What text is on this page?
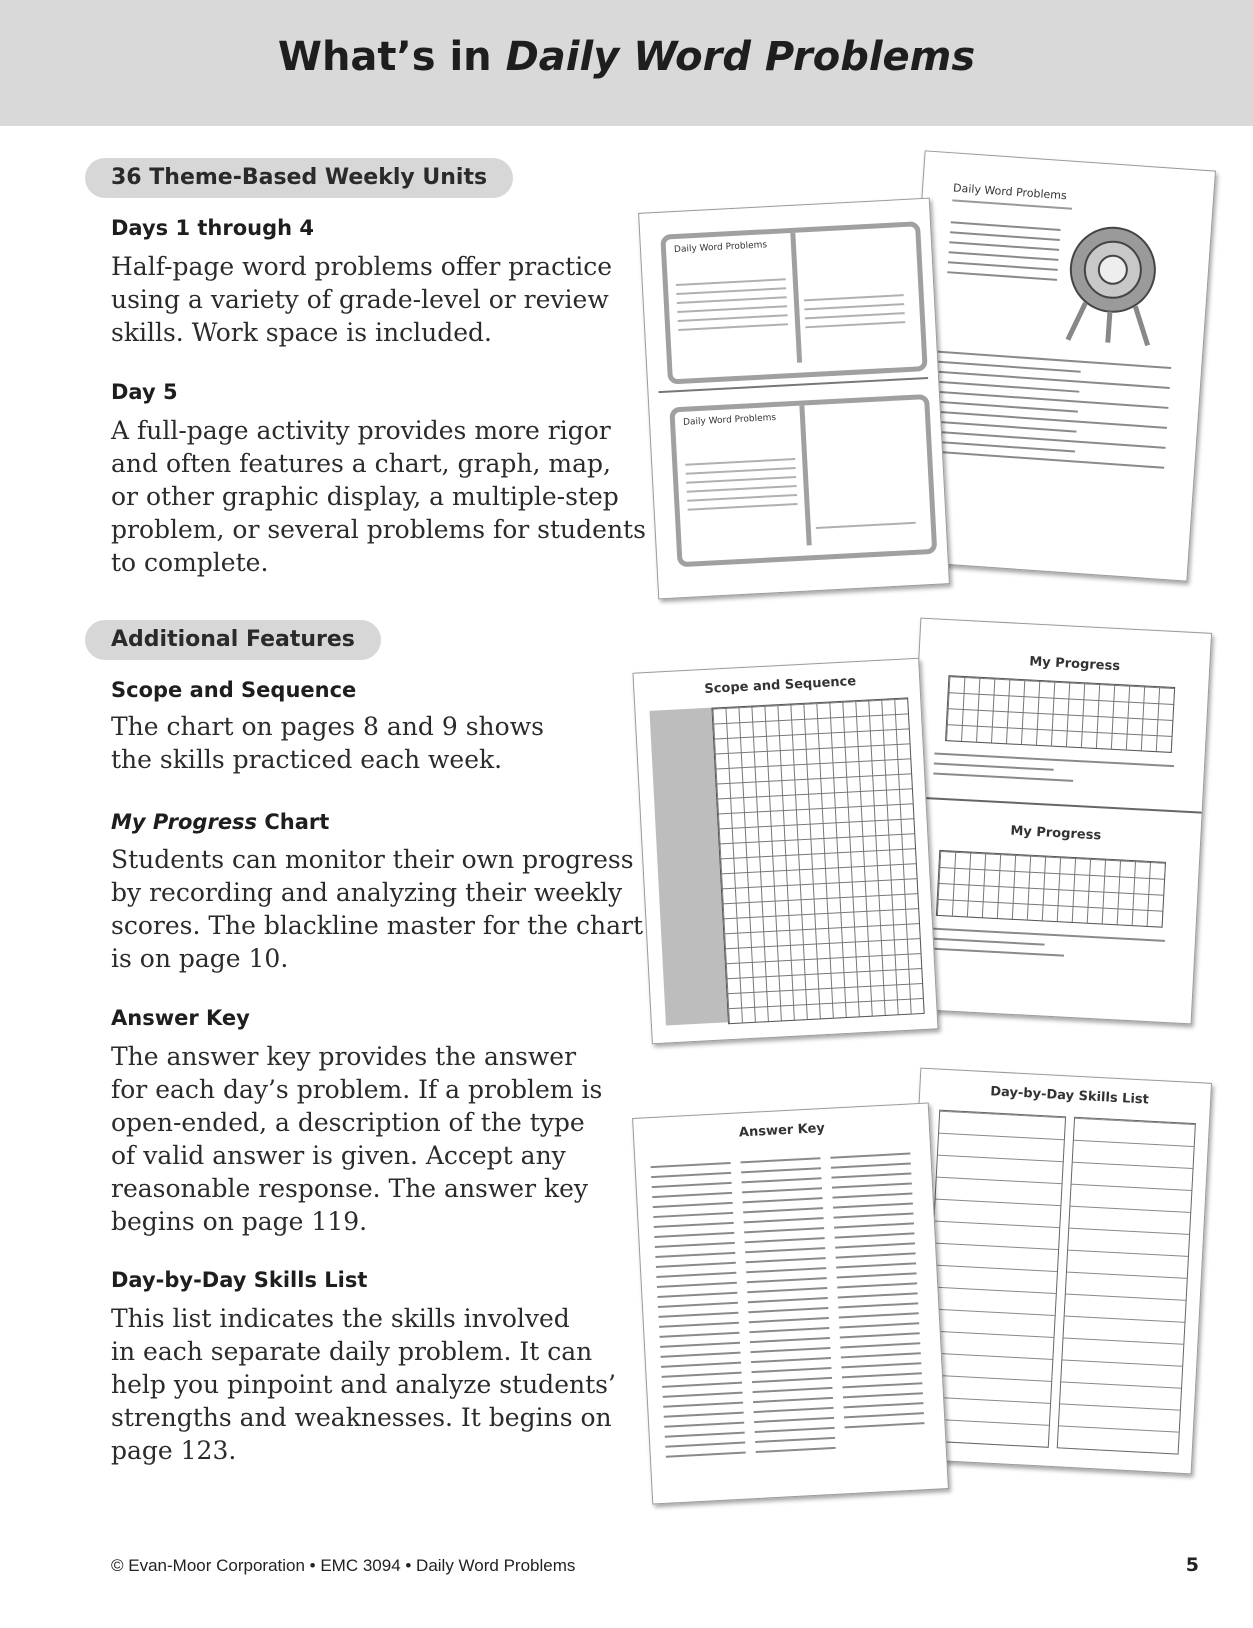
What’s in Daily Word Problems
36 Theme-Based Weekly Units
Days 1 through 4
Half-page word problems offer practice
using a variety of grade-level or review
skills. Work space is included.
Day 5
A full-page activity provides more rigor
and often features a chart, graph, map,
or other graphic display, a multiple-step
problem, or several problems for students
to complete.
Additional Features
Scope and Sequence
The chart on pages 8 and 9 shows
the skills practiced each week.
My Progress Chart
Students can monitor their own progress
by recording and analyzing their weekly
scores. The blackline master for the chart
is on page 10.
Answer Key
The answer key provides the answer
for each day’s problem. If a problem is
open-ended, a description of the type
of valid answer is given. Accept any
reasonable response. The answer key
begins on page 119.
Day-by-Day Skills List
This list indicates the skills involved
in each separate daily problem. It can
help you pinpoint and analyze students’
strengths and weaknesses. It begins on
page 123.
Daily Word Problems
Daily Word Problems
Daily Word Problems
My Progress
My Progress
Scope and Sequence
Day-by-Day Skills List
Answer Key
© Evan-Moor Corporation • EMC 3094 • Daily Word Problems	5
